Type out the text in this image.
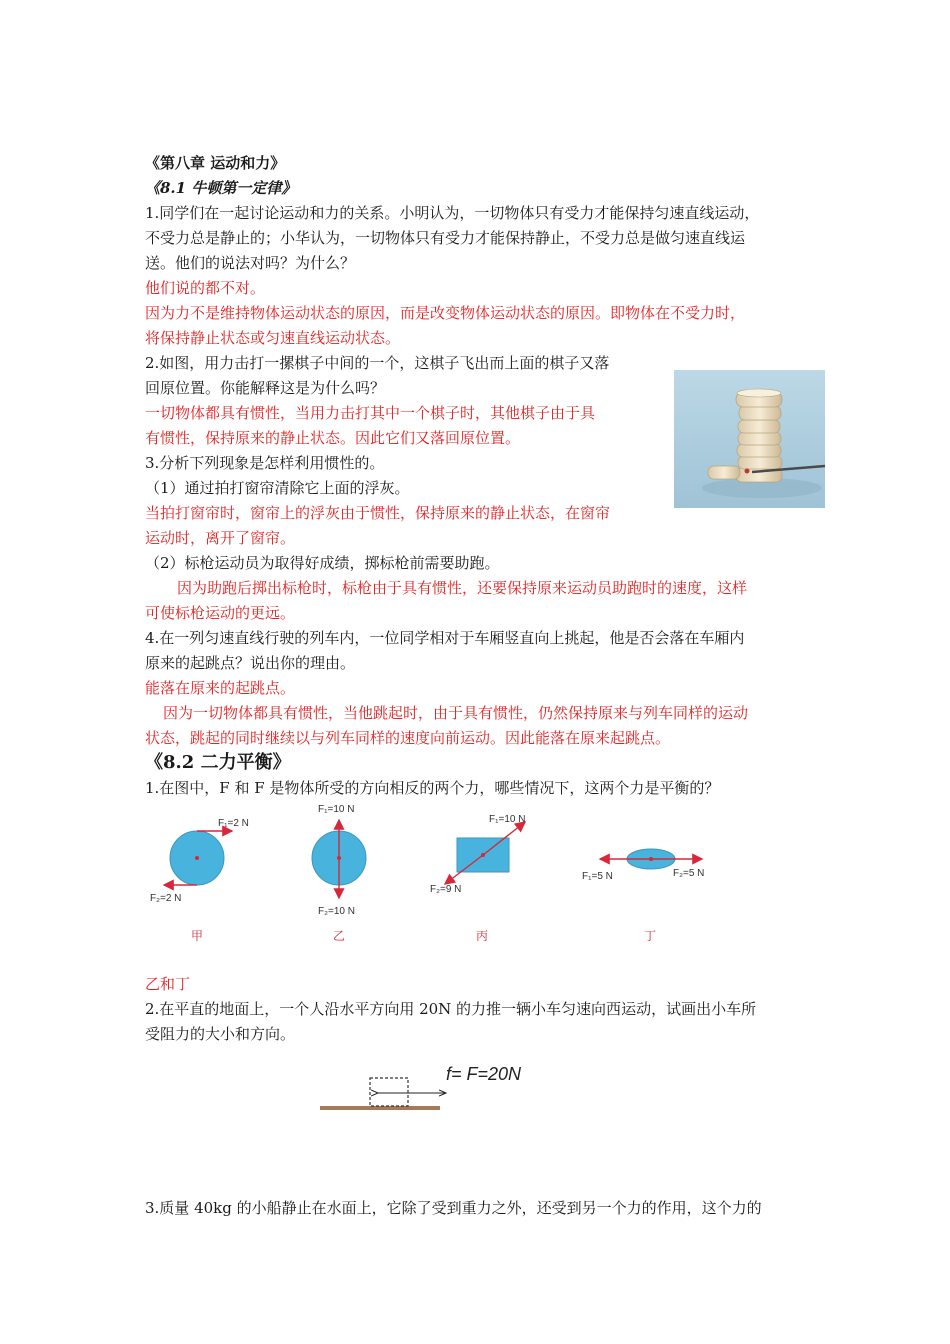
《第八章 运动和力》
《8.1 牛顿第一定律》
1.同学们在一起讨论运动和力的关系。小明认为，一切物体只有受力才能保持匀速直线运动，
不受力总是静止的；小华认为，一切物体只有受力才能保持静止，不受力总是做匀速直线运
送。他们的说法对吗？为什么？
他们说的都不对。
因为力不是维持物体运动状态的原因，而是改变物体运动状态的原因。即物体在不受力时，
将保持静止状态或匀速直线运动状态。
2.如图，用力击打一摞棋子中间的一个，这棋子飞出而上面的棋子又落
回原位置。你能解释这是为什么吗？
一切物体都具有惯性，当用力击打其中一个棋子时，其他棋子由于具
有惯性，保持原来的静止状态。因此它们又落回原位置。
3.分析下列现象是怎样利用惯性的。
（1）通过拍打窗帘清除它上面的浮灰。
当拍打窗帘时，窗帘上的浮灰由于惯性，保持原来的静止状态，在窗帘
运动时，离开了窗帘。
（2）标枪运动员为取得好成绩，掷标枪前需要助跑。
因为助跑后掷出标枪时，标枪由于具有惯性，还要保持原来运动员助跑时的速度，这样
可使标枪运动的更远。
4.在一列匀速直线行驶的列车内，一位同学相对于车厢竖直向上挑起，他是否会落在车厢内
原来的起跳点？说出你的理由。
能落在原来的起跳点。
因为一切物体都具有惯性，当他跳起时，由于具有惯性，仍然保持原来与列车同样的运动
状态，跳起的同时继续以与列车同样的速度向前运动。因此能落在原来起跳点。
《8.2 二力平衡》
1.在图中，F 和 F 是物体所受的方向相反的两个力，哪些情况下，这两个力是平衡的？
F₁=2 N
F₂=2 N
甲
F₁=10 N
F₂=10 N
乙
F₁=10 N
F₂=9 N
丙
F₁=5 N	F₂=5 N
丁
乙和丁
2.在平直的地面上，一个人沿水平方向用 20N 的力推一辆小车匀速向西运动，试画出小车所
受阻力的大小和方向。
f= F=20N
3.质量 40kg 的小船静止在水面上，它除了受到重力之外，还受到另一个力的作用，这个力的
